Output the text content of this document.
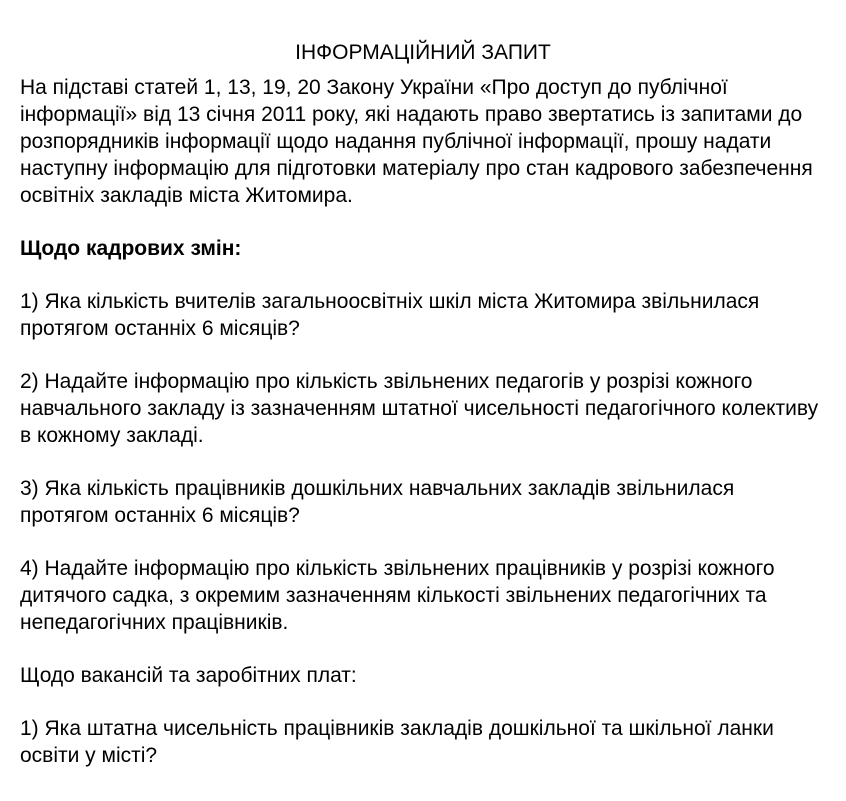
ІНФОРМАЦІЙНИЙ ЗАПИТ
На підставі статей 1, 13, 19, 20 Закону України «Про доступ до публічної інформації» від 13 січня 2011 року, які надають право звертатись із запитами до розпорядників інформації щодо надання публічної інформації, прошу надати наступну інформацію для підготовки матеріалу про стан кадрового забезпечення освітніх закладів міста Житомира.
Щодо кадрових змін:
1) Яка кількість вчителів загальноосвітніх шкіл міста Житомира звільнилася протягом останніх 6 місяців?
2) Надайте інформацію про кількість звільнених педагогів у розрізі кожного навчального закладу із зазначенням штатної чисельності педагогічного колективу в кожному закладі.
3) Яка кількість працівників дошкільних навчальних закладів звільнилася протягом останніх 6 місяців?
4) Надайте інформацію про кількість звільнених працівників у розрізі кожного дитячого садка, з окремим зазначенням кількості звільнених педагогічних та непедагогічних працівників.
Щодо вакансій та заробітних плат:
1) Яка штатна чисельність працівників закладів дошкільної та шкільної ланки освіти у місті?
